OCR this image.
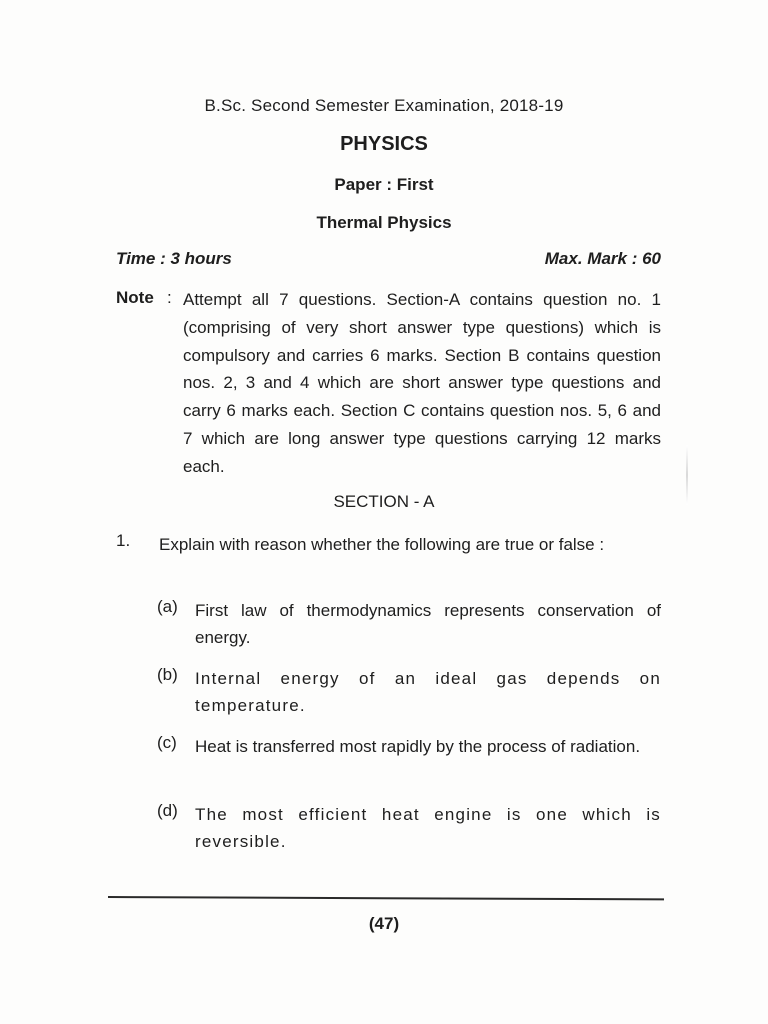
B.Sc. Second Semester Examination, 2018-19
PHYSICS
Paper : First
Thermal Physics
Time : 3 hours	Max. Mark : 60
Note : Attempt all 7 questions. Section-A contains question no. 1 (comprising of very short answer type questions) which is compulsory and carries 6 marks. Section B contains question nos. 2, 3 and 4 which are short answer type questions and carry 6 marks each. Section C contains question nos. 5, 6 and 7 which are long answer type questions carrying 12 marks each.
SECTION - A
1. Explain with reason whether the following are true or false :
(a) First law of thermodynamics represents conservation of energy.
(b) Internal energy of an ideal gas depends on temperature.
(c) Heat is transferred most rapidly by the process of radiation.
(d) The most efficient heat engine is one which is reversible.
(47)
